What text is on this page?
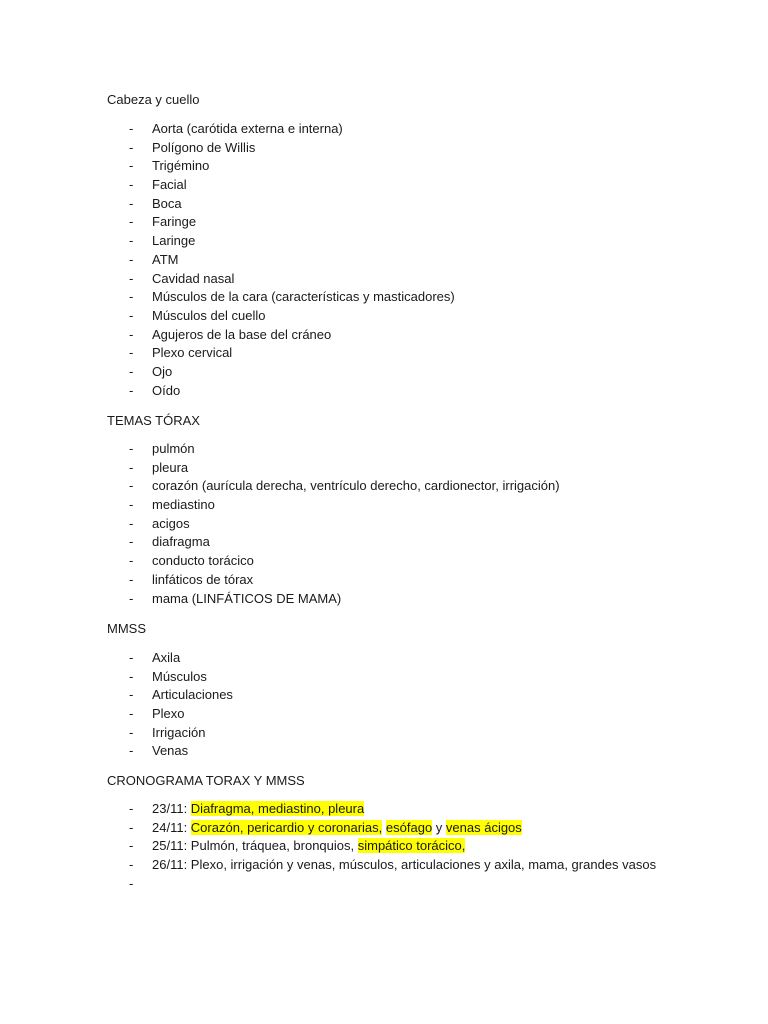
Cabeza y cuello
- Aorta (carótida externa e interna)
- Polígono de Willis
- Trigémino
- Facial
- Boca
- Faringe
- Laringe
- ATM
- Cavidad nasal
- Músculos de la cara (características y masticadores)
- Músculos del cuello
- Agujeros de la base del cráneo
- Plexo cervical
- Ojo
- Oído
TEMAS TÓRAX
- pulmón
- pleura
- corazón (aurícula derecha, ventrículo derecho, cardionector, irrigación)
- mediastino
- acigos
- diafragma
- conducto torácico
- linfáticos de tórax
- mama (LINFÁTICOS DE MAMA)
MMSS
- Axila
- Músculos
- Articulaciones
- Plexo
- Irrigación
- Venas
CRONOGRAMA TORAX Y MMSS
- 23/11: Diafragma, mediastino, pleura
- 24/11: Corazón, pericardio y coronarias, esófago y venas ácigos
- 25/11: Pulmón, tráquea, bronquios, simpático torácico,
- 26/11: Plexo, irrigación y venas, músculos, articulaciones y axila, mama, grandes vasos
-
